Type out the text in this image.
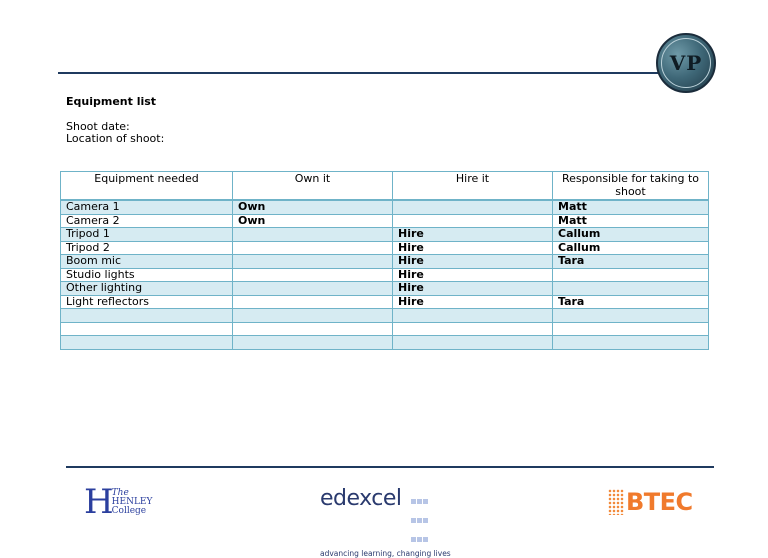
VP
Equipment list
Shoot date:
Location of shoot:
Equipment needed	Own it	Hire it	Responsible for taking to shoot
Camera 1	Own		Matt
Camera 2	Own		Matt
Tripod 1		Hire	Callum
Tripod 2		Hire	Callum
Boom mic		Hire	Tara
Studio lights		Hire	
Other lighting		Hire	
Light reflectors		Hire	Tara

H
The
HENLEY
College	edexcel
advancing learning, changing lives
BTEC
